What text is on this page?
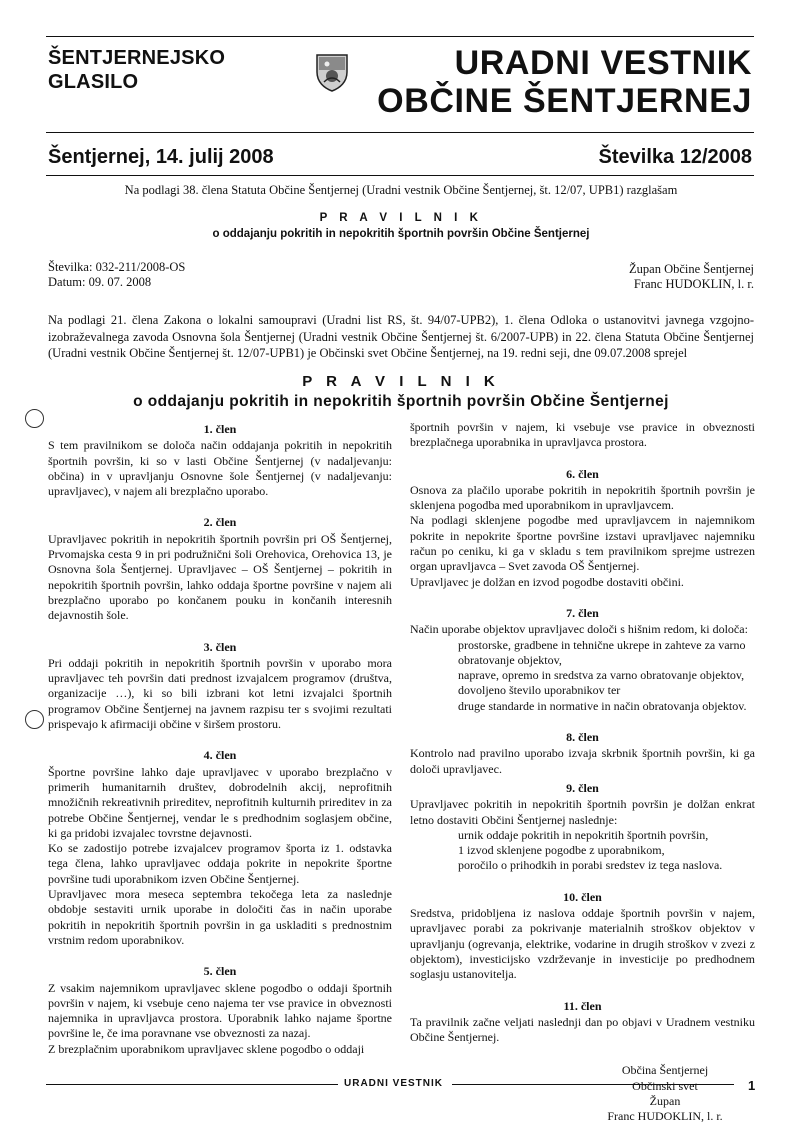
ŠENTJERNEJSKO
GLASILO	URADNI VESTNIK
OBČINE ŠENTJERNEJ
Šentjernej, 14. julij 2008	Številka 12/2008
Na podlagi 38. člena Statuta Občine Šentjernej (Uradni vestnik Občine Šentjernej, št. 12/07, UPB1) razglašam
P R A V I L N I K
o oddajanju pokritih in nepokritih športnih površin Občine Šentjernej
Številka: 032-211/2008-OS
Datum: 09. 07. 2008
Župan Občine Šentjernej
Franc HUDOKLIN, l. r.
Na podlagi 21. člena Zakona o lokalni samoupravi (Uradni list RS, št. 94/07-UPB2), 1. člena Odloka o ustanovitvi javnega vzgojno-izobraževalnega zavoda Osnovna šola Šentjernej (Uradni vestnik Občine Šentjernej št. 6/2007-UPB) in 22. člena Statuta Občine Šentjernej (Uradni vestnik Občine Šentjernej št. 12/07-UPB1) je Občinski svet Občine Šentjernej, na 19. redni seji, dne 09.07.2008 sprejel
P R A V I L N I K
o oddajanju pokritih in nepokritih športnih površin Občine Šentjernej
1. člen

S tem pravilnikom se določa način oddajanja pokritih in nepokritih športnih površin, ki so v lasti Občine Šentjernej (v nadaljevanju: občina) in v upravljanju Osnovne šole Šentjernej (v nadaljevanju: upravljavec), v najem ali brezplačno uporabo.

2. člen

Upravljavec pokritih in nepokritih športnih površin pri OŠ Šentjernej, Prvomajska cesta 9 in pri podružnični šoli Orehovica, Orehovica 13, je Osnovna šola Šentjernej. Upravljavec – OŠ Šentjernej – pokritih in nepokritih športnih površin, lahko oddaja športne površine v najem ali brezplačno uporabo po končanem pouku in končanih interesnih dejavnostih šole.

3. člen

Pri oddaji pokritih in nepokritih športnih površin v uporabo mora upravljavec teh površin dati prednost izvajalcem programov (društva, organizacije …), ki so bili izbrani kot letni izvajalci športnih programov Občine Šentjernej na javnem razpisu ter s svojimi rezultati prispevajo k afirmaciji občine v širšem prostoru.

4. člen

Športne površine lahko daje upravljavec v uporabo brezplačno v primerih humanitarnih društev, dobrodelnih akcij, neprofitnih množičnih rekreativnih prireditev, neprofitnih kulturnih prireditev in za potrebe Občine Šentjernej, vendar le s predhodnim soglasjem občine, ki ga pridobi izvajalec tovrstne dejavnosti.

Ko se zadostijo potrebe izvajalcev programov športa iz 1. odstavka tega člena, lahko upravljavec oddaja pokrite in nepokrite športne površine tudi uporabnikom izven Občine Šentjernej.

Upravljavec mora meseca septembra tekočega leta za naslednje obdobje sestaviti urnik uporabe in določiti čas in način uporabe pokritih in nepokritih športnih površin in ga uskladiti s prednostnim vrstnim redom uporabnikov.

5. člen

Z vsakim najemnikom upravljavec sklene pogodbo o oddaji športnih površin v najem, ki vsebuje ceno najema ter vse pravice in obveznosti najemnika in upravljavca prostora. Uporabnik lahko najame športne površine le, če ima poravnane vse obveznosti za nazaj.

Z brezplačnim uporabnikom upravljavec sklene pogodbo o oddaji

športnih površin v najem, ki vsebuje vse pravice in obveznosti brezplačnega uporabnika in upravljavca prostora.

6. člen

Osnova za plačilo uporabe pokritih in nepokritih športnih površin je sklenjena pogodba med uporabnikom in upravljavcem.

Na podlagi sklenjene pogodbe med upravljavcem in najemnikom pokrite in nepokrite športne površine izstavi upravljavec najemniku račun po ceniku, ki ga v skladu s tem pravilnikom sprejme ustrezen organ upravljavca – Svet zavoda OŠ Šentjernej.

Upravljavec je dolžan en izvod pogodbe dostaviti občini.

7. člen

Način uporabe objektov upravljavec določi s hišnim redom, ki določa:

prostorske, gradbene in tehnične ukrepe in zahteve za varno obratovanje objektov,

naprave, opremo in sredstva za varno obratovanje objektov,

dovoljeno število uporabnikov ter

druge standarde in normative in način obratovanja objektov.

8. člen

Kontrolo nad pravilno uporabo izvaja skrbnik športnih površin, ki ga določi upravljavec.

9. člen

Upravljavec pokritih in nepokritih športnih površin je dolžan enkrat letno dostaviti Občini Šentjernej naslednje:

urnik oddaje pokritih in nepokritih športnih površin,

1 izvod sklenjene pogodbe z uporabnikom,

poročilo o prihodkih in porabi sredstev iz tega naslova.

10. člen

Sredstva, pridobljena iz naslova oddaje športnih površin v najem, upravljavec porabi za pokrivanje materialnih stroškov objektov v upravljanju (ogrevanja, elektrike, vodarine in drugih stroškov v zvezi z objektom), investicijsko vzdrževanje in investicije po predhodnem soglasju ustanovitelja.

11. člen

Ta pravilnik začne veljati naslednji dan po objavi v Uradnem vestniku Občine Šentjernej.

Občina Šentjernej
Občinski svet
Župan
Franc HUDOKLIN, l. r.
URADNI VESTNIK	1
